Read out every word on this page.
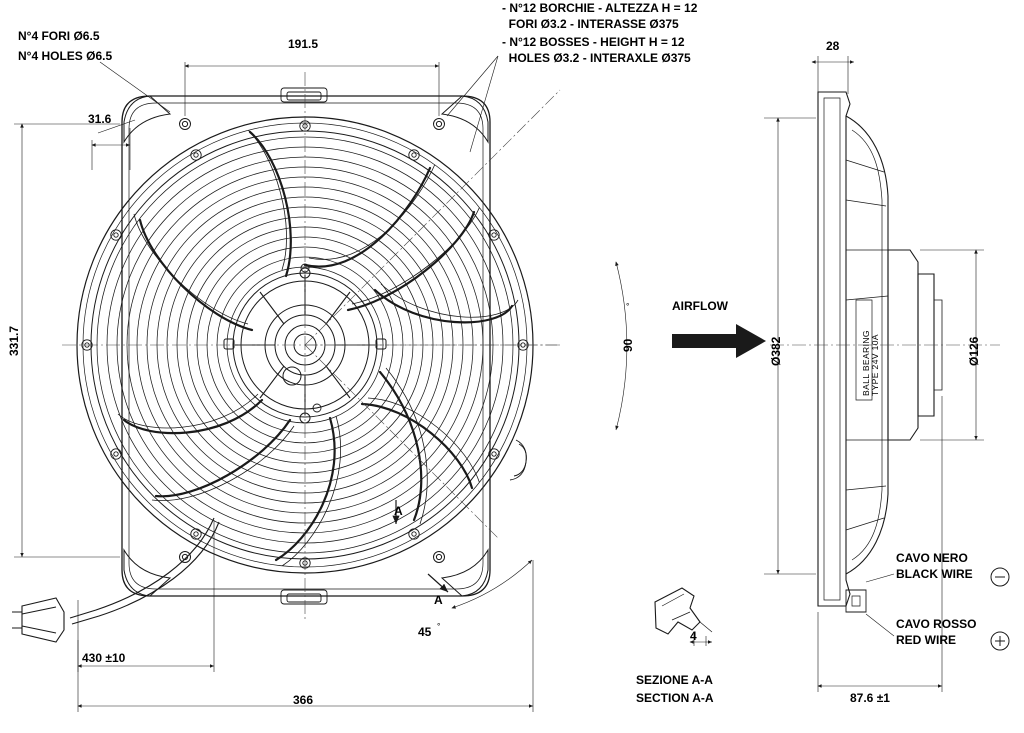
N°4 FORI Ø6.5
N°4 HOLES Ø6.5
- N°12 BORCHIE - ALTEZZA H = 12
FORI Ø3.2 - INTERASSE Ø375
- N°12 BOSSES - HEIGHT H = 12
HOLES Ø3.2 - INTERAXLE Ø375
191.5
31.6
331.7
366
430 ±10
90
°
45 °
A
A
AIRFLOW
SEZIONE A-A
SECTION A-A
4
28
Ø382	Ø126
87.6 ±1
CAVO NERO
BLACK WIRE
CAVO ROSSO
RED WIRE
BALL BEARING TYPE 24V 10A
